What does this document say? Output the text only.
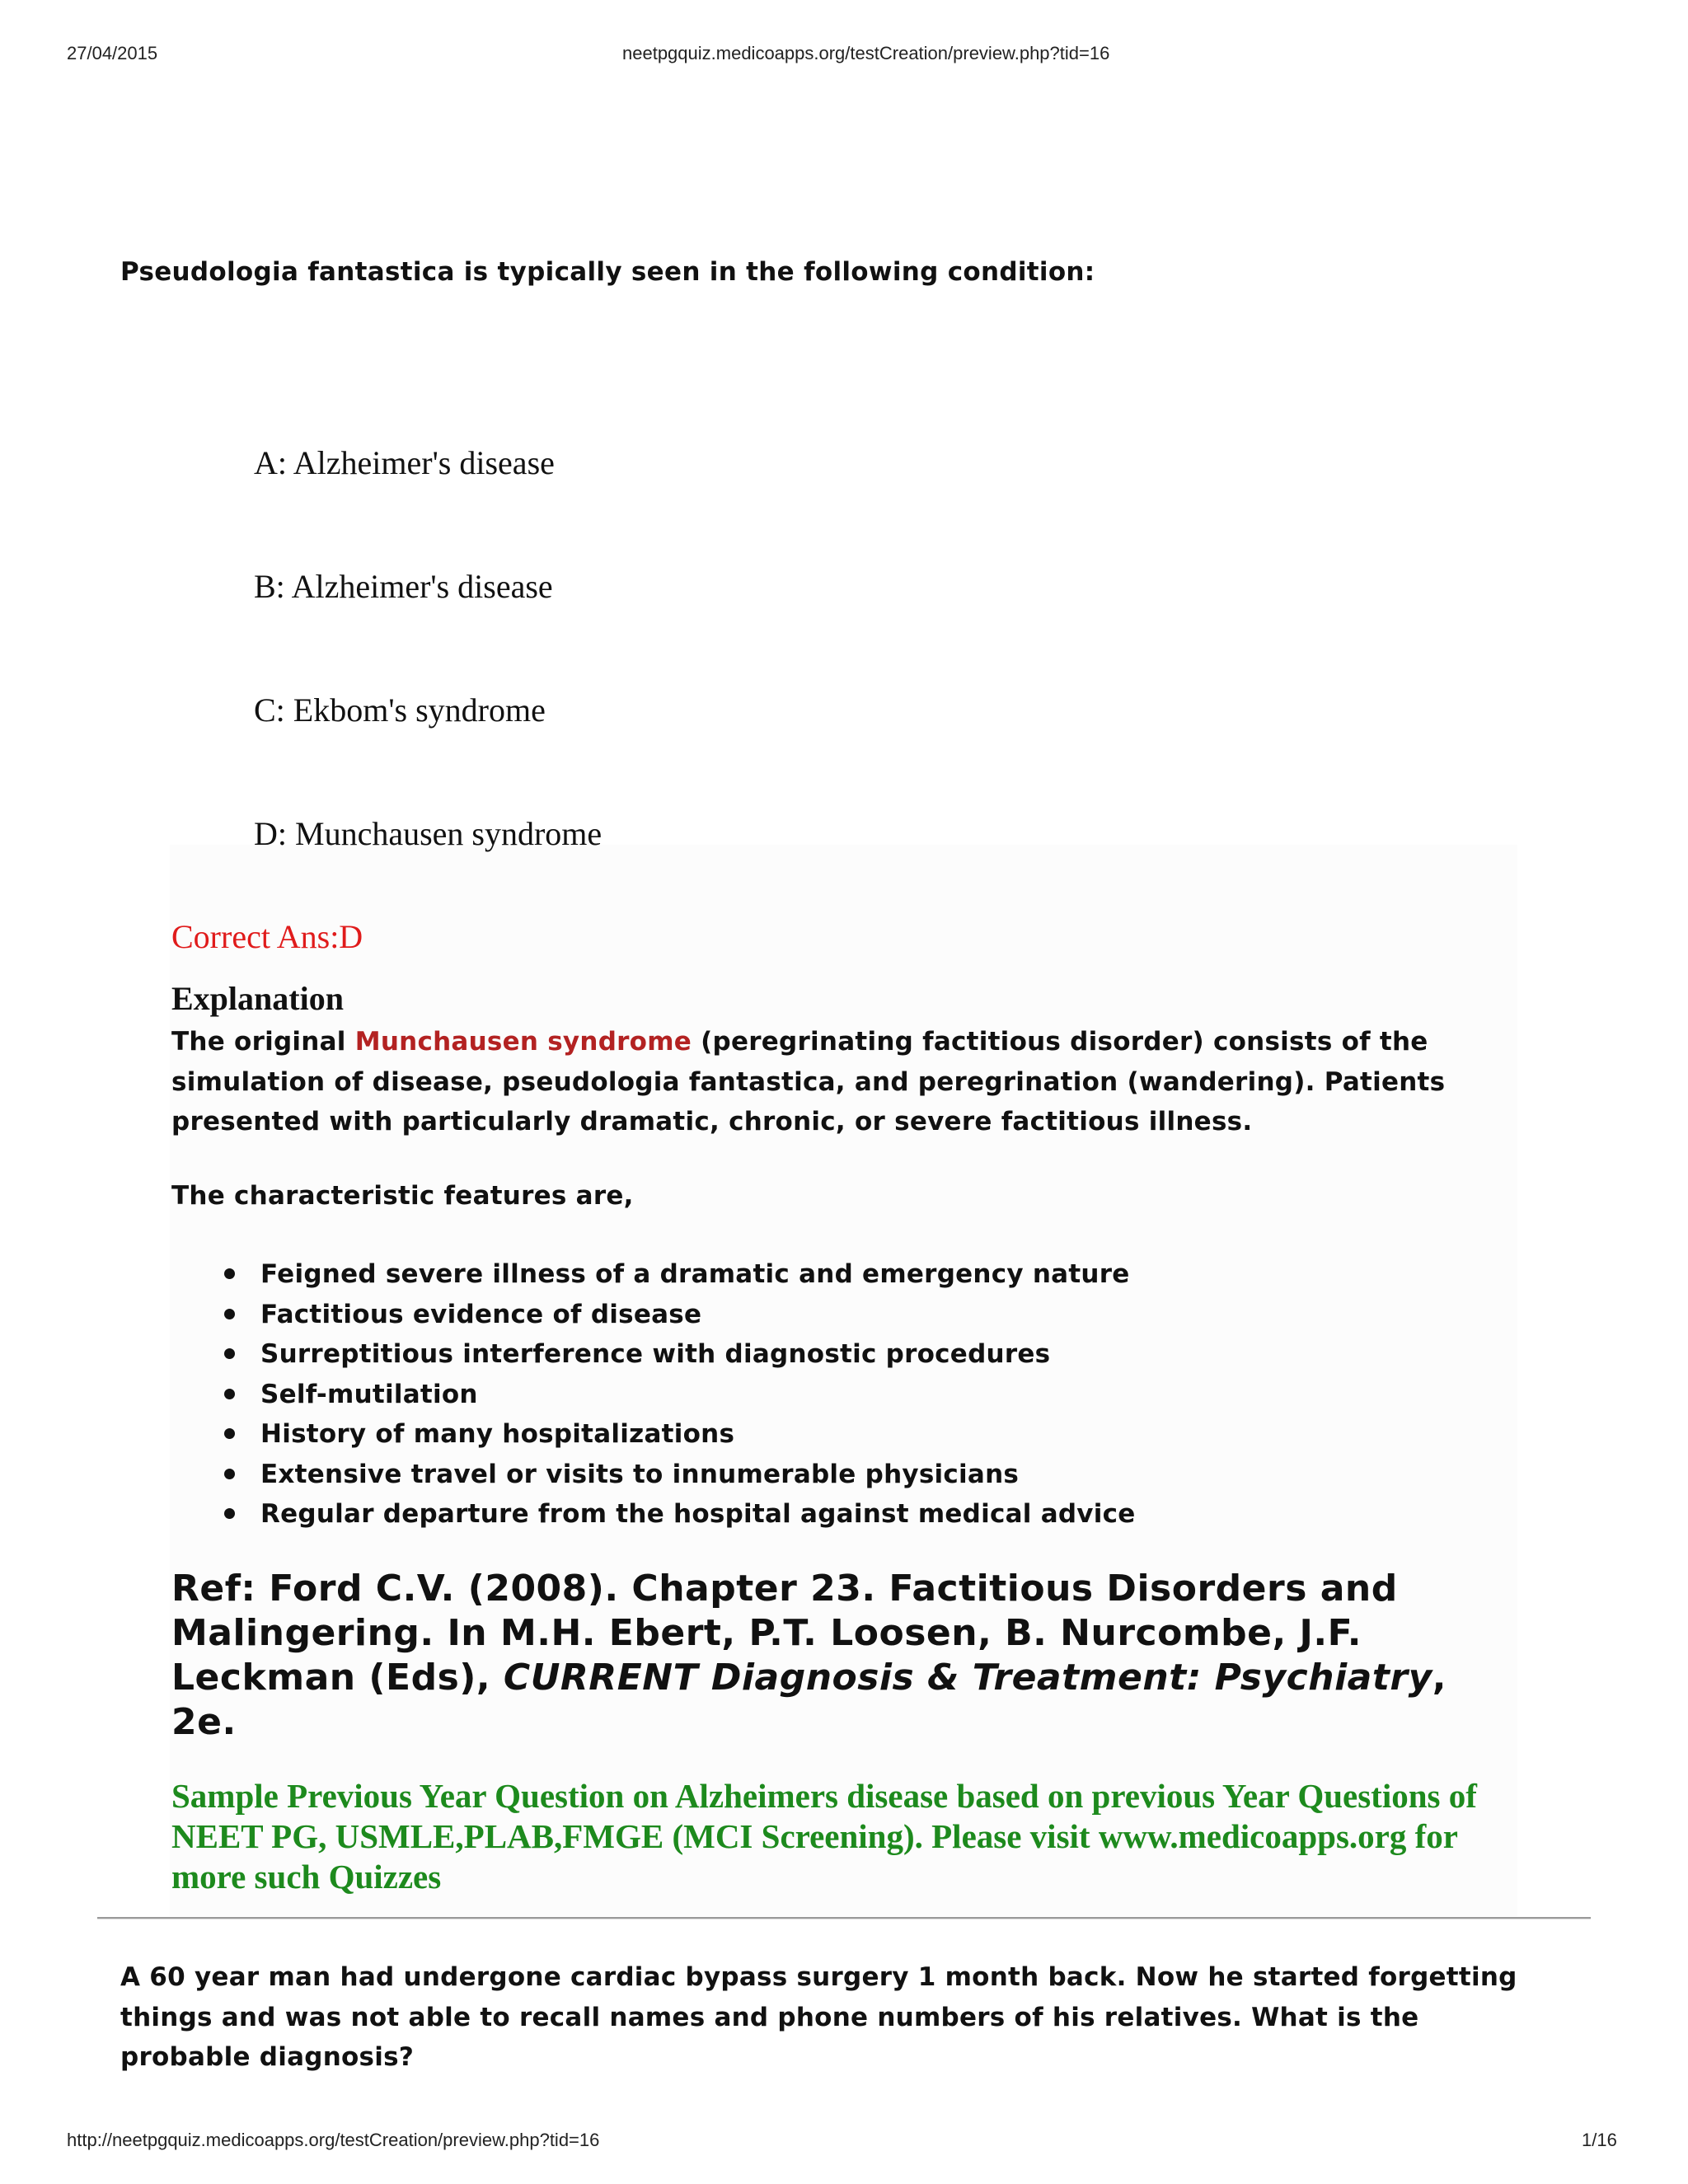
27/04/2015	neetpgquiz.medicoapps.org/testCreation/preview.php?tid=16
Pseudologia fantastica is typically seen in the following condition:
A: Alzheimer's disease
B: Alzheimer's disease
C: Ekbom's syndrome
D: Munchausen syndrome
Correct Ans:D
Explanation
The original Munchausen syndrome (peregrinating factitious disorder) consists of the simulation of disease, pseudologia fantastica, and peregrination (wandering). Patients presented with particularly dramatic, chronic, or severe factitious illness.
The characteristic features are,
Feigned severe illness of a dramatic and emergency nature
Factitious evidence of disease
Surreptitious interference with diagnostic procedures
Self-mutilation
History of many hospitalizations
Extensive travel or visits to innumerable physicians
Regular departure from the hospital against medical advice
Ref: Ford C.V. (2008). Chapter 23. Factitious Disorders and Malingering. In M.H. Ebert, P.T. Loosen, B. Nurcombe, J.F. Leckman (Eds), CURRENT Diagnosis & Treatment: Psychiatry, 2e.
Sample Previous Year Question on Alzheimers disease based on previous Year Questions of NEET PG, USMLE,PLAB,FMGE (MCI Screening). Please visit www.medicoapps.org for more such Quizzes
A 60 year man had undergone cardiac bypass surgery 1 month back. Now he started forgetting things and was not able to recall names and phone numbers of his relatives. What is the probable diagnosis?
http://neetpgquiz.medicoapps.org/testCreation/preview.php?tid=16	1/16
